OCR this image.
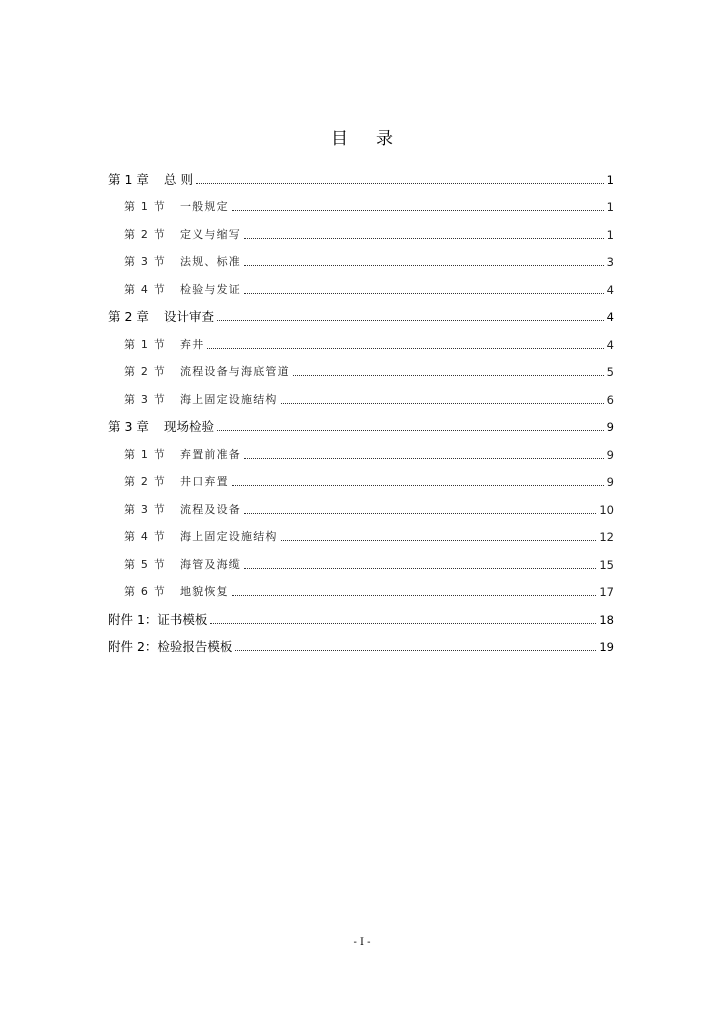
目 录
第 1 章	总 则	1
第 1 节	一般规定	1
第 2 节	定义与缩写	1
第 3 节	法规、标准	3
第 4 节	检验与发证	4
第 2 章	设计审查	4
第 1 节	弃井	4
第 2 节	流程设备与海底管道	5
第 3 节	海上固定设施结构	6
第 3 章	现场检验	9
第 1 节	弃置前准备	9
第 2 节	井口弃置	9
第 3 节	流程及设备	10
第 4 节	海上固定设施结构	12
第 5 节	海管及海缆	15
第 6 节	地貌恢复	17
附件 1：证书模板	18
附件 2：检验报告模板	19
- I -
